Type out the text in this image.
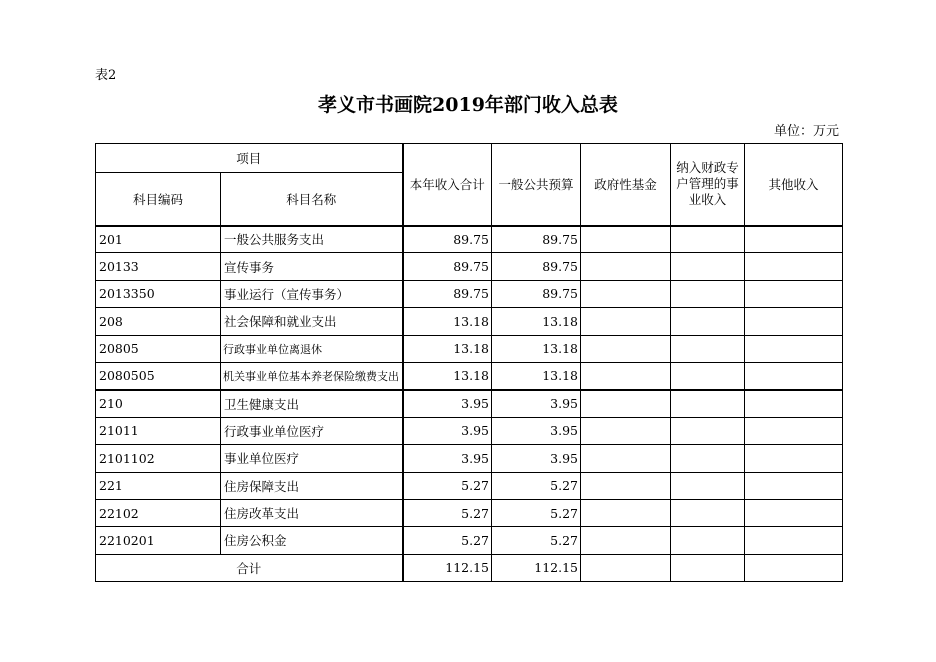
表2
孝义市书画院2019年部门收入总表
单位：万元
项目		本年收入合计	一般公共预算	政府性基金	纳入财政专户管理的事业收入	其他收入
科目编码	科目名称					
201	一般公共服务支出	89.75	89.75			
20133	宣传事务	89.75	89.75			
2013350	事业运行（宣传事务）	89.75	89.75			
208	社会保障和就业支出	13.18	13.18			
20805	行政事业单位离退休	13.18	13.18			
2080505	机关事业单位基本养老保险缴费支出	13.18	13.18			
210	卫生健康支出	3.95	3.95			
21011	行政事业单位医疗	3.95	3.95			
2101102	事业单位医疗	3.95	3.95			
221	住房保障支出	5.27	5.27			
22102	住房改革支出	5.27	5.27			
2210201	住房公积金	5.27	5.27			
合计		112.15	112.15			
